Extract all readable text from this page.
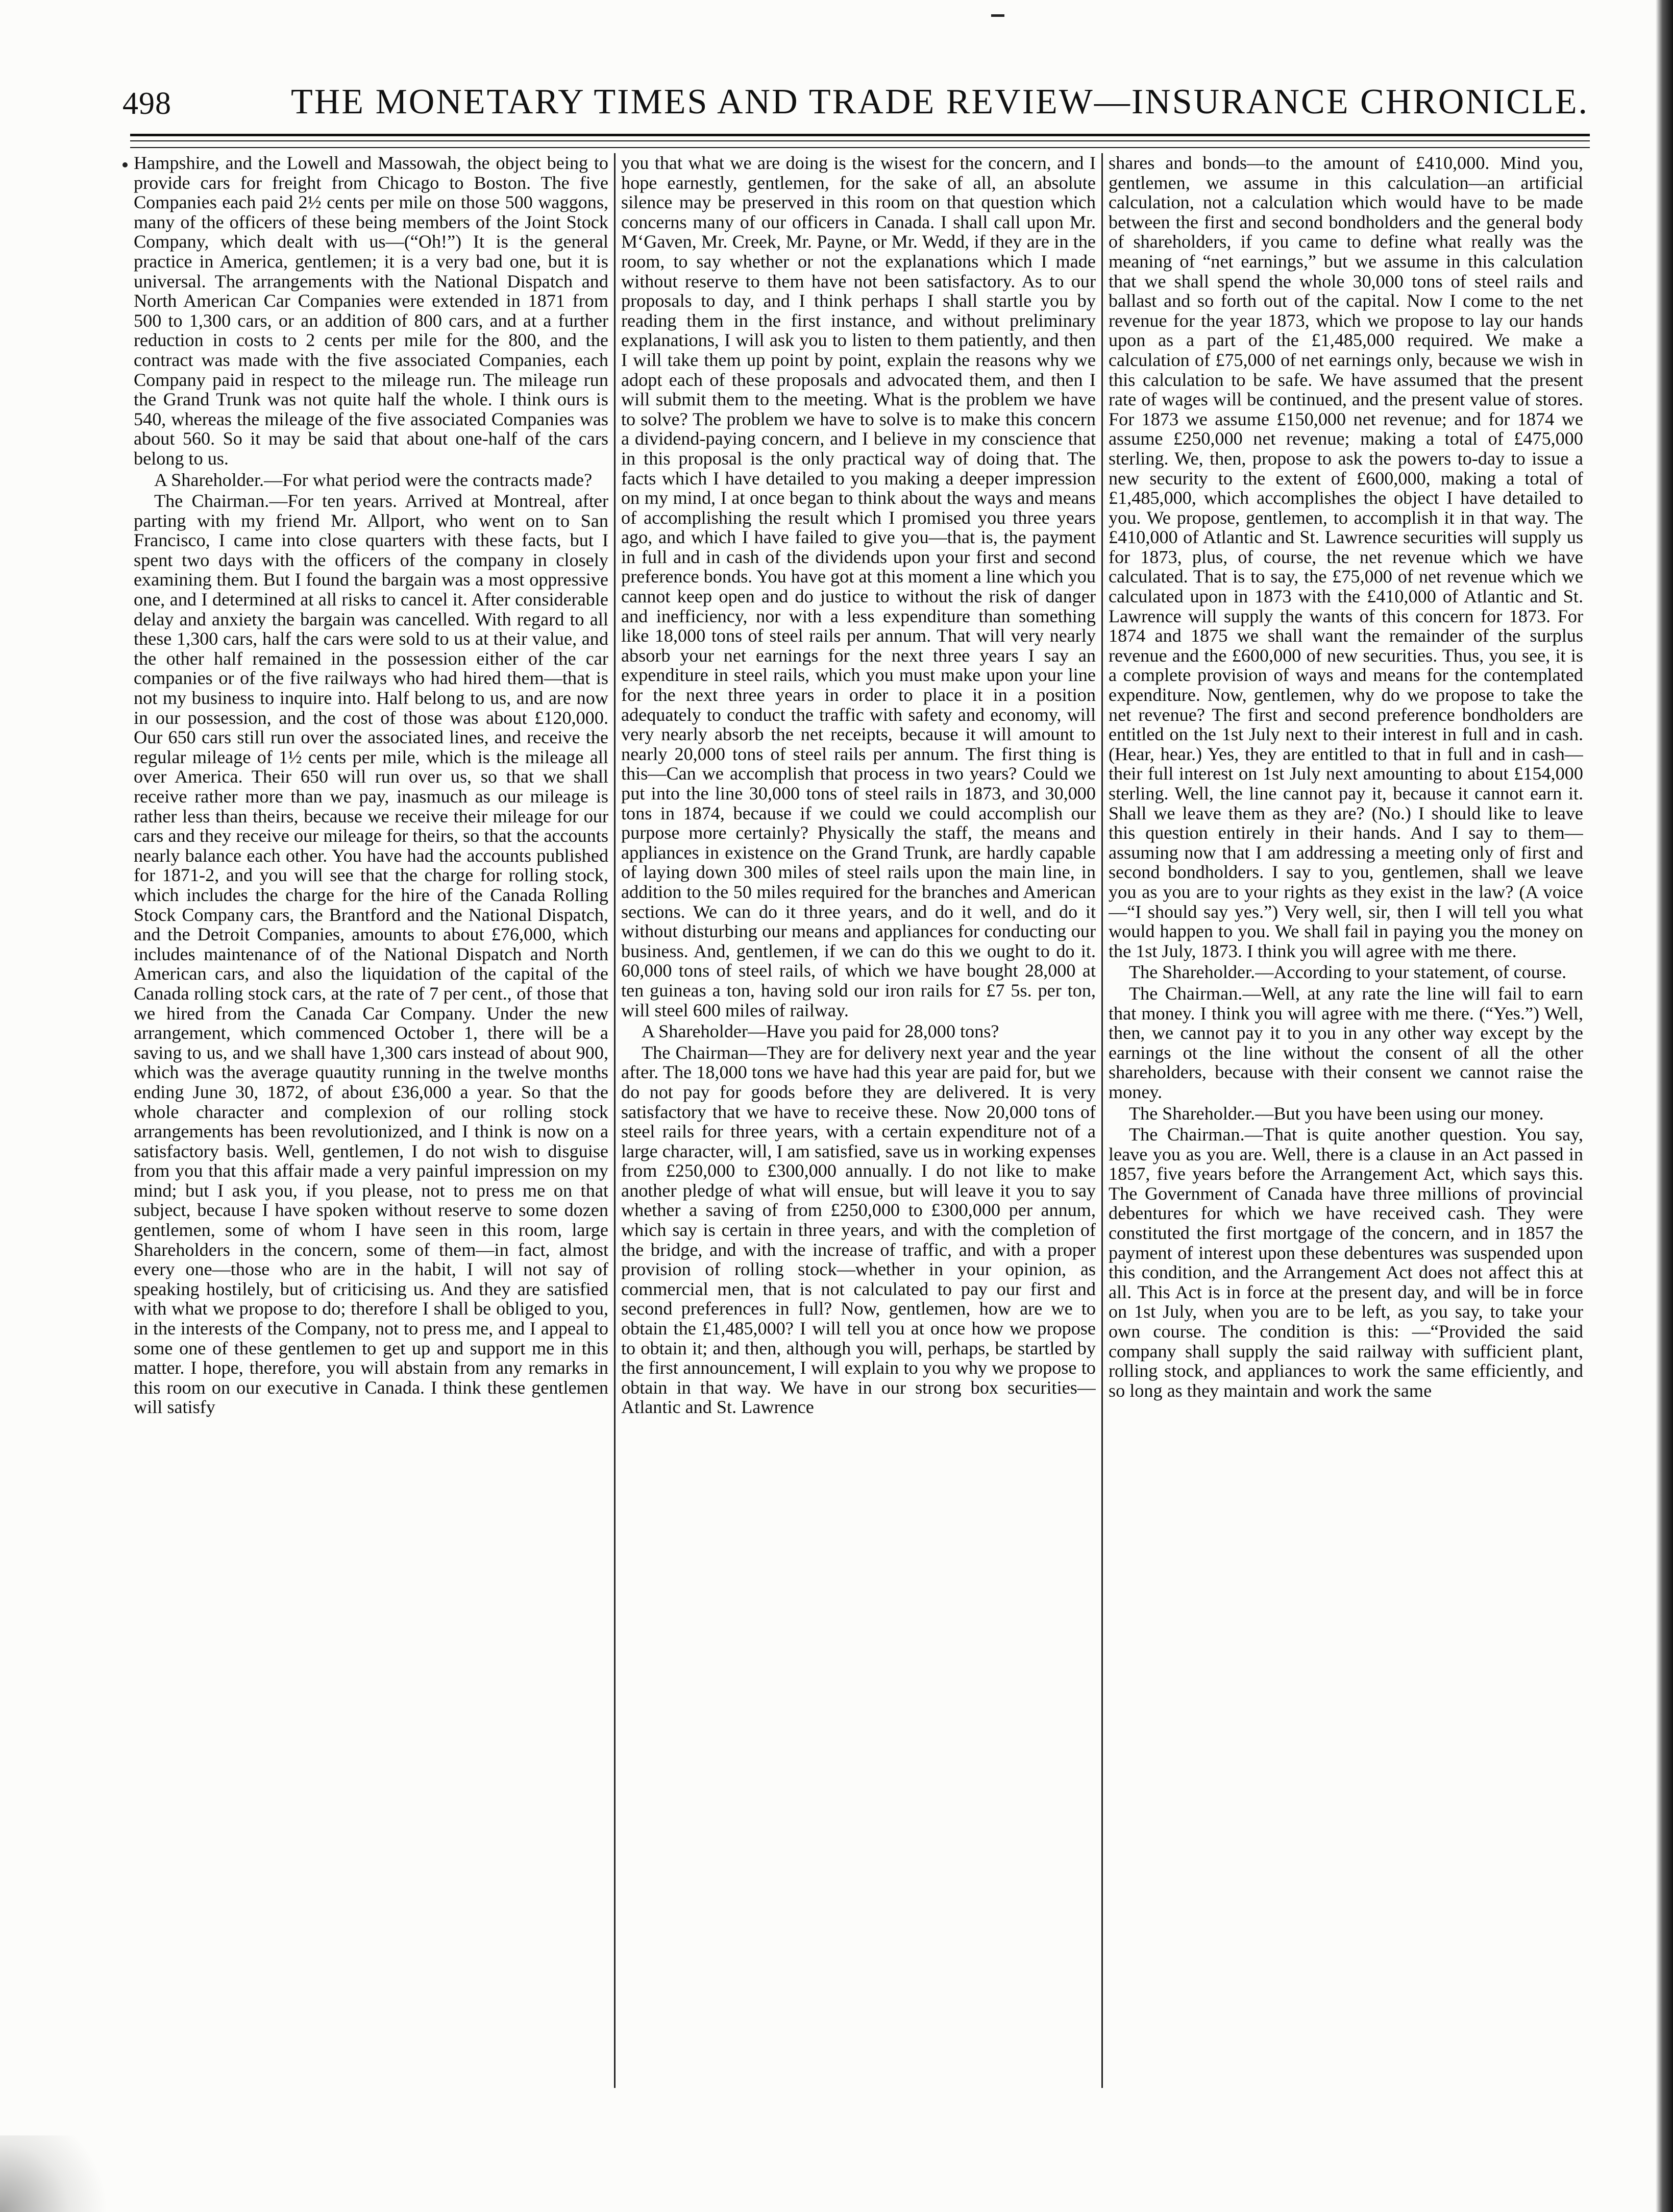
498	THE MONETARY TIMES AND TRADE REVIEW—INSURANCE CHRONICLE.

Hampshire, and the Lowell and Massowah, the object being to provide cars for freight from Chicago to Boston. The five Companies each paid 2½ cents per mile on those 500 waggons, many of the officers of these being members of the Joint Stock Company, which dealt with us—(“Oh!”) It is the general practice in America, gentlemen; it is a very bad one, but it is universal. The arrangements with the National Dispatch and North American Car Companies were extended in 1871 from 500 to 1,300 cars, or an addition of 800 cars, and at a further reduction in costs to 2 cents per mile for the 800, and the contract was made with the five associated Companies, each Company paid in respect to the mileage run. The mileage run the Grand Trunk was not quite half the whole. I think ours is 540, whereas the mileage of the five associated Companies was about 560. So it may be said that about one-half of the cars belong to us.

A Shareholder.—For what period were the contracts made?

The Chairman.—For ten years. Arrived at Montreal, after parting with my friend Mr. Allport, who went on to San Francisco, I came into close quarters with these facts, but I spent two days with the officers of the company in closely examining them. But I found the bargain was a most oppressive one, and I determined at all risks to cancel it. After considerable delay and anxiety the bargain was cancelled. With regard to all these 1,300 cars, half the cars were sold to us at their value, and the other half remained in the possession either of the car companies or of the five railways who had hired them—that is not my business to inquire into. Half belong to us, and are now in our possession, and the cost of those was about £120,000. Our 650 cars still run over the associated lines, and receive the regular mileage of 1½ cents per mile, which is the mileage all over America. Their 650 will run over us, so that we shall receive rather more than we pay, inasmuch as our mileage is rather less than theirs, because we receive their mileage for our cars and they receive our mileage for theirs, so that the accounts nearly balance each other. You have had the accounts published for 1871-2, and you will see that the charge for rolling stock, which includes the charge for the hire of the Canada Rolling Stock Company cars, the Brantford and the National Dispatch, and the Detroit Companies, amounts to about £76,000, which includes maintenance of of the National Dispatch and North American cars, and also the liquidation of the capital of the Canada rolling stock cars, at the rate of 7 per cent., of those that we hired from the Canada Car Company. Under the new arrangement, which commenced October 1, there will be a saving to us, and we shall have 1,300 cars instead of about 900, which was the average quautity running in the twelve months ending June 30, 1872, of about £36,000 a year. So that the whole character and complexion of our rolling stock arrangements has been revolutionized, and I think is now on a satisfactory basis. Well, gentlemen, I do not wish to disguise from you that this affair made a very painful impression on my mind; but I ask you, if you please, not to press me on that subject, because I have spoken without reserve to some dozen gentlemen, some of whom I have seen in this room, large Shareholders in the concern, some of them—in fact, almost every one—those who are in the habit, I will not say of speaking hostilely, but of criticising us. And they are satisfied with what we propose to do; therefore I shall be obliged to you, in the interests of the Company, not to press me, and I appeal to some one of these gentlemen to get up and support me in this matter. I hope, therefore, you will abstain from any remarks in this room on our executive in Canada. I think these gentlemen will satisfy

you that what we are doing is the wisest for the concern, and I hope earnestly, gentlemen, for the sake of all, an absolute silence may be preserved in this room on that question which concerns many of our officers in Canada. I shall call upon Mr. M‘Gaven, Mr. Creek, Mr. Payne, or Mr. Wedd, if they are in the room, to say whether or not the explanations which I made without reserve to them have not been satisfactory. As to our proposals to day, and I think perhaps I shall startle you by reading them in the first instance, and without preliminary explanations, I will ask you to listen to them patiently, and then I will take them up point by point, explain the reasons why we adopt each of these proposals and advocated them, and then I will submit them to the meeting. What is the problem we have to solve? The problem we have to solve is to make this concern a dividend-paying concern, and I believe in my conscience that in this proposal is the only practical way of doing that. The facts which I have detailed to you making a deeper impression on my mind, I at once began to think about the ways and means of accomplishing the result which I promised you three years ago, and which I have failed to give you—that is, the payment in full and in cash of the dividends upon your first and second preference bonds. You have got at this moment a line which you cannot keep open and do justice to without the risk of danger and inefficiency, nor with a less expenditure than something like 18,000 tons of steel rails per annum. That will very nearly absorb your net earnings for the next three years I say an expenditure in steel rails, which you must make upon your line for the next three years in order to place it in a position adequately to conduct the traffic with safety and economy, will very nearly absorb the net receipts, because it will amount to nearly 20,000 tons of steel rails per annum. The first thing is this—Can we accomplish that process in two years? Could we put into the line 30,000 tons of steel rails in 1873, and 30,000 tons in 1874, because if we could we could accomplish our purpose more certainly? Physically the staff, the means and appliances in existence on the Grand Trunk, are hardly capable of laying down 300 miles of steel rails upon the main line, in addition to the 50 miles required for the branches and American sections. We can do it three years, and do it well, and do it without disturbing our means and appliances for conducting our business. And, gentlemen, if we can do this we ought to do it. 60,000 tons of steel rails, of which we have bought 28,000 at ten guineas a ton, having sold our iron rails for £7 5s. per ton, will steel 600 miles of railway.

A Shareholder—Have you paid for 28,000 tons?

The Chairman—They are for delivery next year and the year after. The 18,000 tons we have had this year are paid for, but we do not pay for goods before they are delivered. It is very satisfactory that we have to receive these. Now 20,000 tons of steel rails for three years, with a certain expenditure not of a large character, will, I am satisfied, save us in working expenses from £250,000 to £300,000 annually. I do not like to make another pledge of what will ensue, but will leave it you to say whether a saving of from £250,000 to £300,000 per annum, which say is certain in three years, and with the completion of the bridge, and with the increase of traffic, and with a proper provision of rolling stock—whether in your opinion, as commercial men, that is not calculated to pay our first and second preferences in full? Now, gentlemen, how are we to obtain the £1,485,000? I will tell you at once how we propose to obtain it; and then, although you will, perhaps, be startled by the first announcement, I will explain to you why we propose to obtain in that way. We have in our strong box securities—Atlantic and St. Lawrence

shares and bonds—to the amount of £410,000. Mind you, gentlemen, we assume in this calculation—an artificial calculation, not a calculation which would have to be made between the first and second bondholders and the general body of shareholders, if you came to define what really was the meaning of “net earnings,” but we assume in this calculation that we shall spend the whole 30,000 tons of steel rails and ballast and so forth out of the capital. Now I come to the net revenue for the year 1873, which we propose to lay our hands upon as a part of the £1,485,000 required. We make a calculation of £75,000 of net earnings only, because we wish in this calculation to be safe. We have assumed that the present rate of wages will be continued, and the present value of stores. For 1873 we assume £150,000 net revenue; and for 1874 we assume £250,000 net revenue; making a total of £475,000 sterling. We, then, propose to ask the powers to-day to issue a new security to the extent of £600,000, making a total of £1,485,000, which accomplishes the object I have detailed to you. We propose, gentlemen, to accomplish it in that way. The £410,000 of Atlantic and St. Lawrence securities will supply us for 1873, plus, of course, the net revenue which we have calculated. That is to say, the £75,000 of net revenue which we calculated upon in 1873 with the £410,000 of Atlantic and St. Lawrence will supply the wants of this concern for 1873. For 1874 and 1875 we shall want the remainder of the surplus revenue and the £600,000 of new securities. Thus, you see, it is a complete provision of ways and means for the contemplated expenditure. Now, gentlemen, why do we propose to take the net revenue? The first and second preference bondholders are entitled on the 1st July next to their interest in full and in cash. (Hear, hear.) Yes, they are entitled to that in full and in cash—their full interest on 1st July next amounting to about £154,000 sterling. Well, the line cannot pay it, because it cannot earn it. Shall we leave them as they are? (No.) I should like to leave this question entirely in their hands. And I say to them—assuming now that I am addressing a meeting only of first and second bondholders. I say to you, gentlemen, shall we leave you as you are to your rights as they exist in the law? (A voice—“I should say yes.”) Very well, sir, then I will tell you what would happen to you. We shall fail in paying you the money on the 1st July, 1873. I think you will agree with me there.

The Shareholder.—According to your statement, of course.

The Chairman.—Well, at any rate the line will fail to earn that money. I think you will agree with me there. (“Yes.”) Well, then, we cannot pay it to you in any other way except by the earnings ot the line without the consent of all the other shareholders, because with their consent we cannot raise the money.

The Shareholder.—But you have been using our money.

The Chairman.—That is quite another question. You say, leave you as you are. Well, there is a clause in an Act passed in 1857, five years before the Arrangement Act, which says this. The Government of Canada have three millions of provincial debentures for which we have received cash. They were constituted the first mortgage of the concern, and in 1857 the payment of interest upon these debentures was suspended upon this condition, and the Arrangement Act does not affect this at all. This Act is in force at the present day, and will be in force on 1st July, when you are to be left, as you say, to take your own course. The condition is this: —“Provided the said company shall supply the said railway with sufficient plant, rolling stock, and appliances to work the same efficiently, and so long as they maintain and work the same
